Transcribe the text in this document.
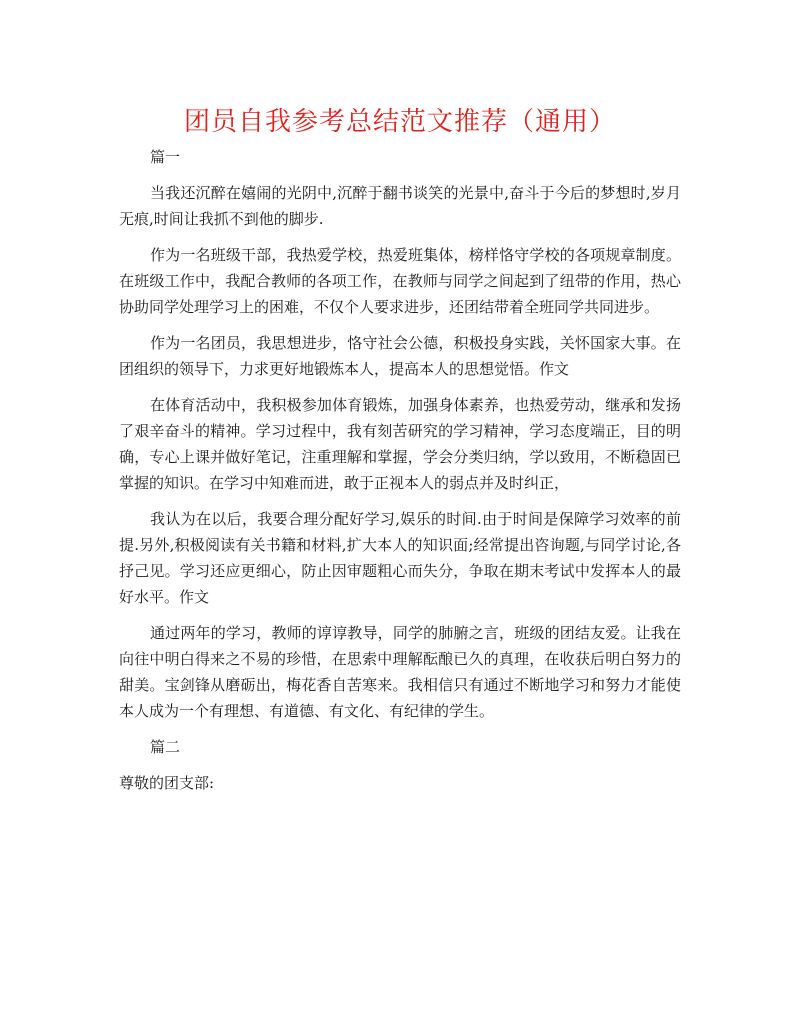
团员自我参考总结范文推荐（通用）

篇一

当我还沉醉在嬉闹的光阴中,沉醉于翻书谈笑的光景中,奋斗于今后的梦想时,岁月无痕,时间让我抓不到他的脚步.

作为一名班级干部，我热爱学校，热爱班集体，榜样恪守学校的各项规章制度。在班级工作中，我配合教师的各项工作，在教师与同学之间起到了纽带的作用，热心协助同学处理学习上的困难，不仅个人要求进步，还团结带着全班同学共同进步。

作为一名团员，我思想进步，恪守社会公德，积极投身实践，关怀国家大事。在团组织的领导下，力求更好地锻炼本人，提高本人的思想觉悟。作文

在体育活动中，我积极参加体育锻炼，加强身体素养，也热爱劳动，继承和发扬了艰辛奋斗的精神。学习过程中，我有刻苦研究的学习精神，学习态度端正，目的明确，专心上课并做好笔记，注重理解和掌握，学会分类归纳，学以致用，不断稳固已掌握的知识。在学习中知难而进，敢于正视本人的弱点并及时纠正，

我认为在以后，我要合理分配好学习,娱乐的时间.由于时间是保障学习效率的前提.另外,积极阅读有关书籍和材料,扩大本人的知识面;经常提出咨询题,与同学讨论,各抒己见。学习还应更细心，防止因审题粗心而失分，争取在期末考试中发挥本人的最好水平。作文

通过两年的学习，教师的谆谆教导，同学的肺腑之言，班级的团结友爱。让我在向往中明白得来之不易的珍惜，在思索中理解酝酿已久的真理，在收获后明白努力的甜美。宝剑锋从磨砺出，梅花香自苦寒来。我相信只有通过不断地学习和努力才能使本人成为一个有理想、有道德、有文化、有纪律的学生。

篇二

尊敬的团支部:
